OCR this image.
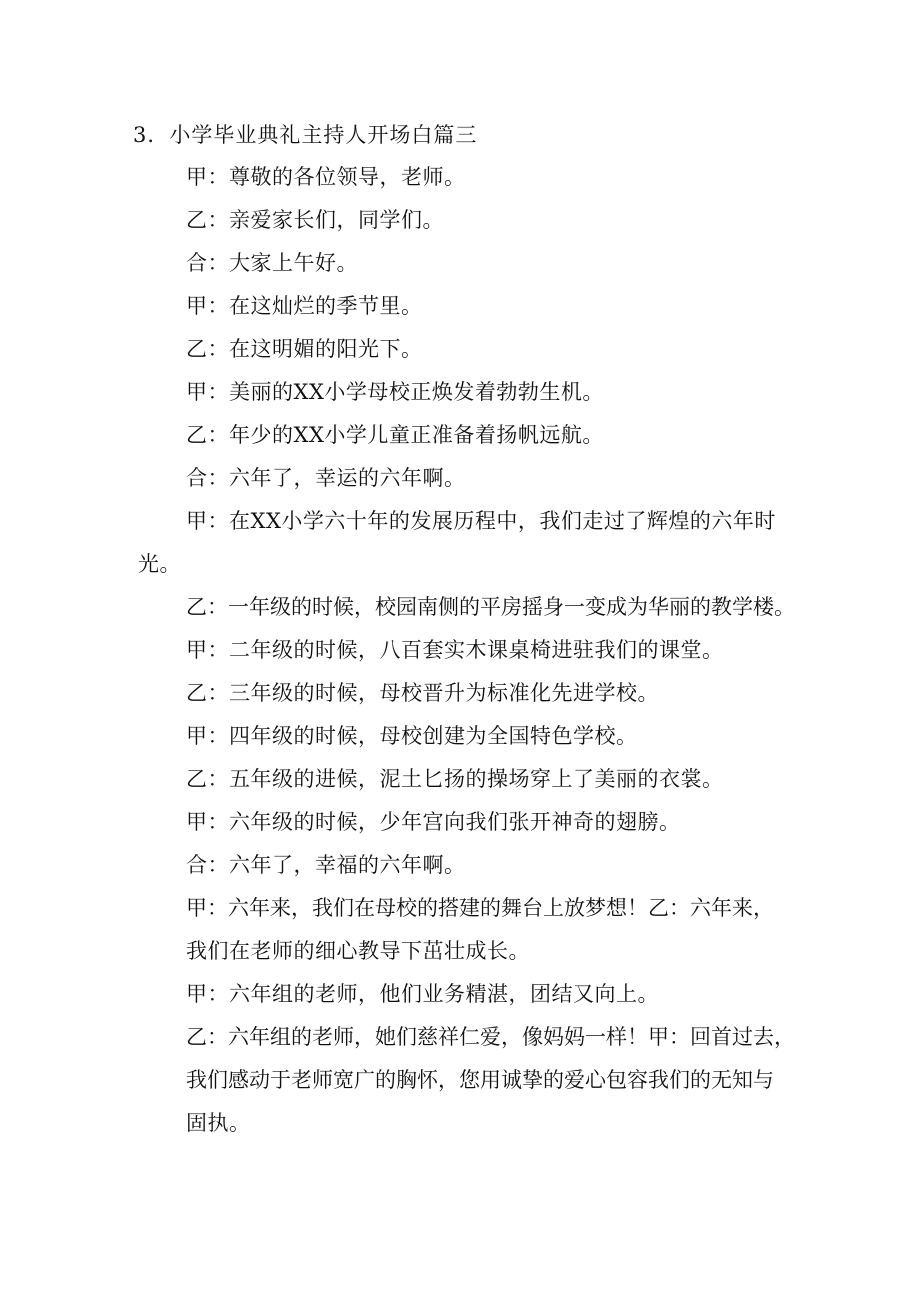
3．小学毕业典礼主持人开场白篇三

甲：尊敬的各位领导，老师。

乙：亲爱家长们，同学们。

合：大家上午好。

甲：在这灿烂的季节里。

乙：在这明媚的阳光下。

甲：美丽的XX小学母校正焕发着勃勃生机。

乙：年少的XX小学儿童正准备着扬帆远航。

合：六年了，幸运的六年啊。

甲：在XX小学六十年的发展历程中，我们走过了辉煌的六年时光。

乙：一年级的时候，校园南侧的平房摇身一变成为华丽的教学楼。

甲：二年级的时候，八百套实木课桌椅进驻我们的课堂。

乙：三年级的时候，母校晋升为标准化先进学校。

甲：四年级的时候，母校创建为全国特色学校。

乙：五年级的进候，泥土匕扬的操场穿上了美丽的衣裳。

甲：六年级的时候，少年宫向我们张开神奇的翅膀。

合：六年了，幸福的六年啊。

甲：六年来，我们在母校的搭建的舞台上放梦想！乙：六年来，

我们在老师的细心教导下茁壮成长。

甲：六年组的老师，他们业务精湛，团结又向上。

乙：六年组的老师，她们慈祥仁爱，像妈妈一样！甲：回首过去，

我们感动于老师宽广的胸怀，您用诚挚的爱心包容我们的无知与

固执。
